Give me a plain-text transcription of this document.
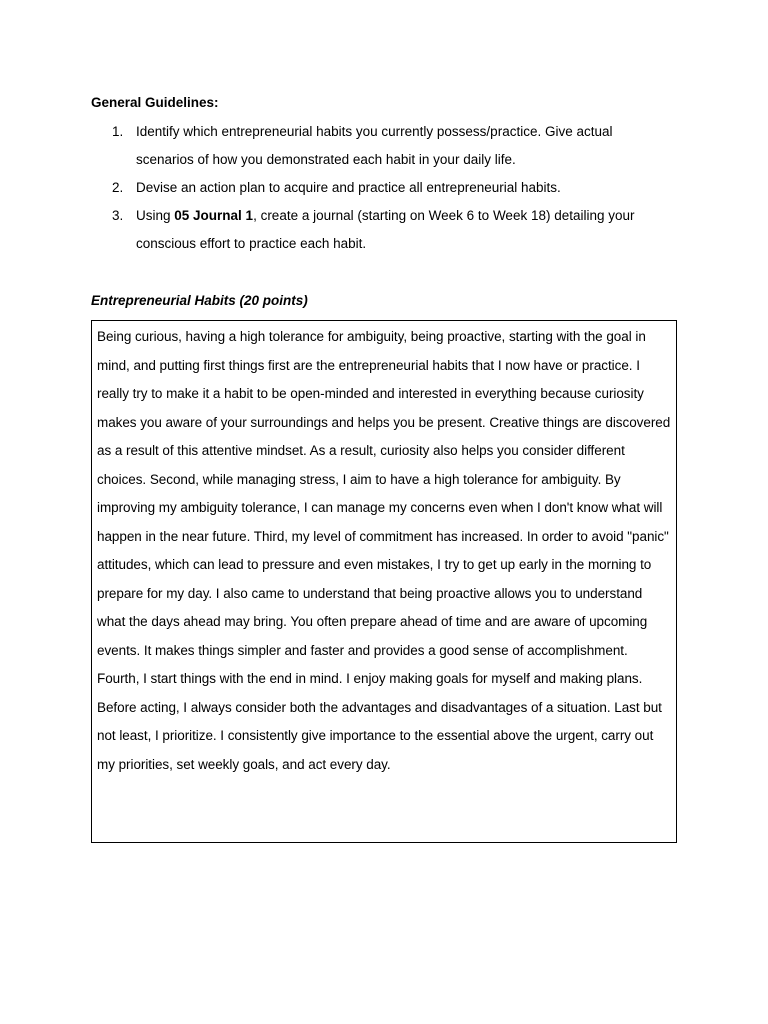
General Guidelines:
1. Identify which entrepreneurial habits you currently possess/practice. Give actual scenarios of how you demonstrated each habit in your daily life.
2. Devise an action plan to acquire and practice all entrepreneurial habits.
3. Using 05 Journal 1, create a journal (starting on Week 6 to Week 18) detailing your conscious effort to practice each habit.
Entrepreneurial Habits (20 points)

Being curious, having a high tolerance for ambiguity, being proactive, starting with the goal in mind, and putting first things first are the entrepreneurial habits that I now have or practice. I really try to make it a habit to be open-minded and interested in everything because curiosity makes you aware of your surroundings and helps you be present. Creative things are discovered as a result of this attentive mindset. As a result, curiosity also helps you consider different choices. Second, while managing stress, I aim to have a high tolerance for ambiguity. By improving my ambiguity tolerance, I can manage my concerns even when I don't know what will happen in the near future. Third, my level of commitment has increased. In order to avoid "panic" attitudes, which can lead to pressure and even mistakes, I try to get up early in the morning to prepare for my day. I also came to understand that being proactive allows you to understand what the days ahead may bring. You often prepare ahead of time and are aware of upcoming events. It makes things simpler and faster and provides a good sense of accomplishment. Fourth, I start things with the end in mind. I enjoy making goals for myself and making plans. Before acting, I always consider both the advantages and disadvantages of a situation. Last but not least, I prioritize. I consistently give importance to the essential above the urgent, carry out my priorities, set weekly goals, and act every day.
